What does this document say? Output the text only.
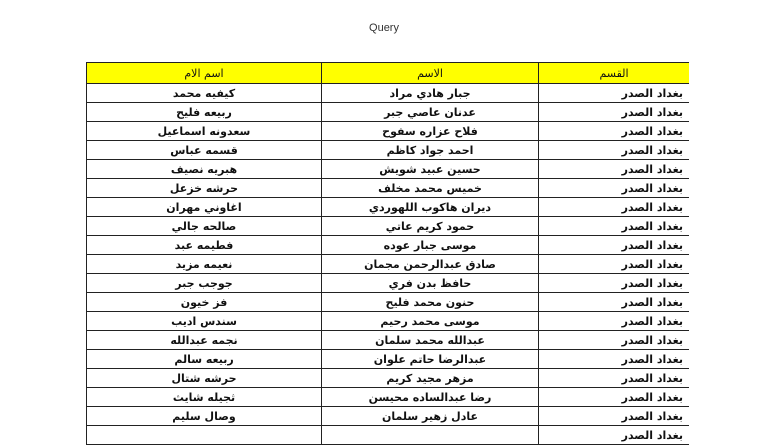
Query
القسم	الاسم	اسم الام
بغداد الصدر	جبار هادي مراد	كيفيه محمد
بغداد الصدر	عدنان عاصي جبر	ربيعه فليح
بغداد الصدر	فلاح عزاره سفوح	سعدونه اسماعيل
بغداد الصدر	احمد جواد كاظم	قسمه عباس
بغداد الصدر	حسين عبيد شويش	هبريه نصيف
بغداد الصدر	خميس محمد مخلف	حرشه خزعل
بغداد الصدر	ديران هاكوب اللهوردي	اغاوني مهران
بغداد الصدر	حمود كريم عاتي	صالحه جالي
بغداد الصدر	موسى جبار عوده	فطيمه عبد
بغداد الصدر	صادق عبدالرحمن مجمان	نعيمه مزيد
بغداد الصدر	حافظ بدن فري	جوجب جبر
بغداد الصدر	حنون محمد فليح	فز خيون
بغداد الصدر	موسى محمد رحيم	سندس اديب
بغداد الصدر	عبدالله محمد سلمان	نجمه عبدالله
بغداد الصدر	عبدالرضا حاتم علوان	ربيعه سالم
بغداد الصدر	مزهر مجيد كريم	حرشه شتال
بغداد الصدر	رضا عبدالساده محيسن	ثجيله شايث
بغداد الصدر	عادل زهير سلمان	وصال سليم
بغداد الصدر		
